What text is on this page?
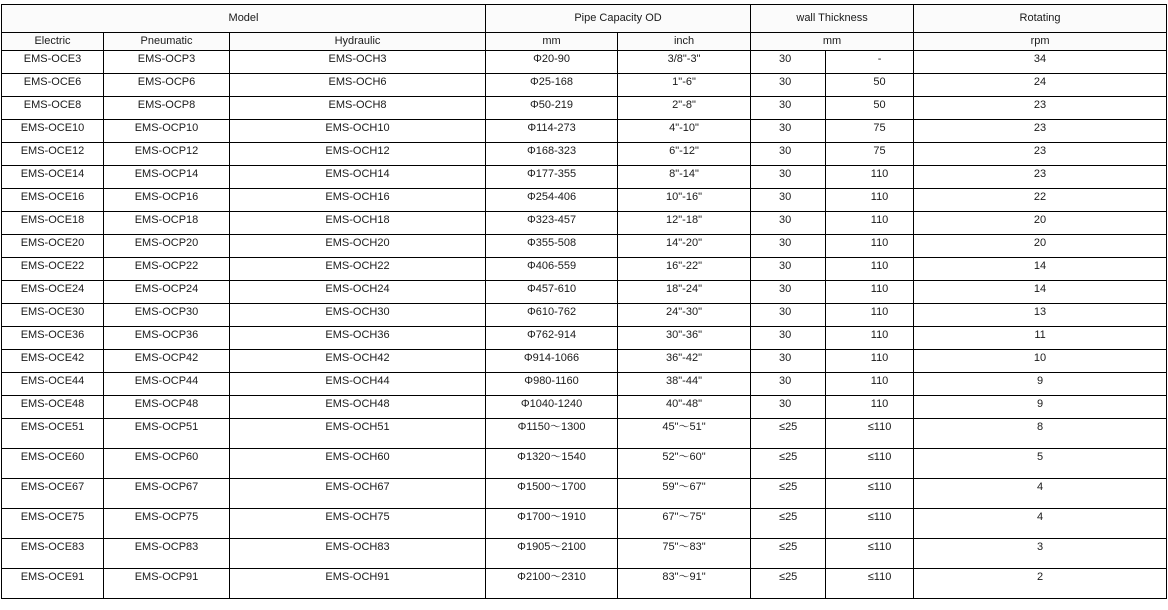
Model			Pipe Capacity OD		wall Thickness		Rotating
Electric	Pneumatic	Hydraulic	mm	inch	mm		rpm
EMS-OCE3	EMS-OCP3	EMS-OCH3	Φ20-90	3/8"-3"	30	-	34
EMS-OCE6	EMS-OCP6	EMS-OCH6	Φ25-168	1"-6"	30	50	24
EMS-OCE8	EMS-OCP8	EMS-OCH8	Φ50-219	2"-8"	30	50	23
EMS-OCE10	EMS-OCP10	EMS-OCH10	Φ114-273	4"-10"	30	75	23
EMS-OCE12	EMS-OCP12	EMS-OCH12	Φ168-323	6"-12"	30	75	23
EMS-OCE14	EMS-OCP14	EMS-OCH14	Φ177-355	8"-14"	30	110	23
EMS-OCE16	EMS-OCP16	EMS-OCH16	Φ254-406	10"-16"	30	110	22
EMS-OCE18	EMS-OCP18	EMS-OCH18	Φ323-457	12"-18"	30	110	20
EMS-OCE20	EMS-OCP20	EMS-OCH20	Φ355-508	14"-20"	30	110	20
EMS-OCE22	EMS-OCP22	EMS-OCH22	Φ406-559	16"-22"	30	110	14
EMS-OCE24	EMS-OCP24	EMS-OCH24	Φ457-610	18"-24"	30	110	14
EMS-OCE30	EMS-OCP30	EMS-OCH30	Φ610-762	24"-30"	30	110	13
EMS-OCE36	EMS-OCP36	EMS-OCH36	Φ762-914	30"-36"	30	110	11
EMS-OCE42	EMS-OCP42	EMS-OCH42	Φ914-1066	36"-42"	30	110	10
EMS-OCE44	EMS-OCP44	EMS-OCH44	Φ980-1160	38"-44"	30	110	9
EMS-OCE48	EMS-OCP48	EMS-OCH48	Φ1040-1240	40"-48"	30	110	9
EMS-OCE51	EMS-OCP51	EMS-OCH51	Φ1150～1300	45"～51"	≤25	≤110	8
EMS-OCE60	EMS-OCP60	EMS-OCH60	Φ1320～1540	52"～60"	≤25	≤110	5
EMS-OCE67	EMS-OCP67	EMS-OCH67	Φ1500～1700	59"～67"	≤25	≤110	4
EMS-OCE75	EMS-OCP75	EMS-OCH75	Φ1700～1910	67"～75"	≤25	≤110	4
EMS-OCE83	EMS-OCP83	EMS-OCH83	Φ1905～2100	75"～83"	≤25	≤110	3
EMS-OCE91	EMS-OCP91	EMS-OCH91	Φ2100～2310	83"～91"	≤25	≤110	2
